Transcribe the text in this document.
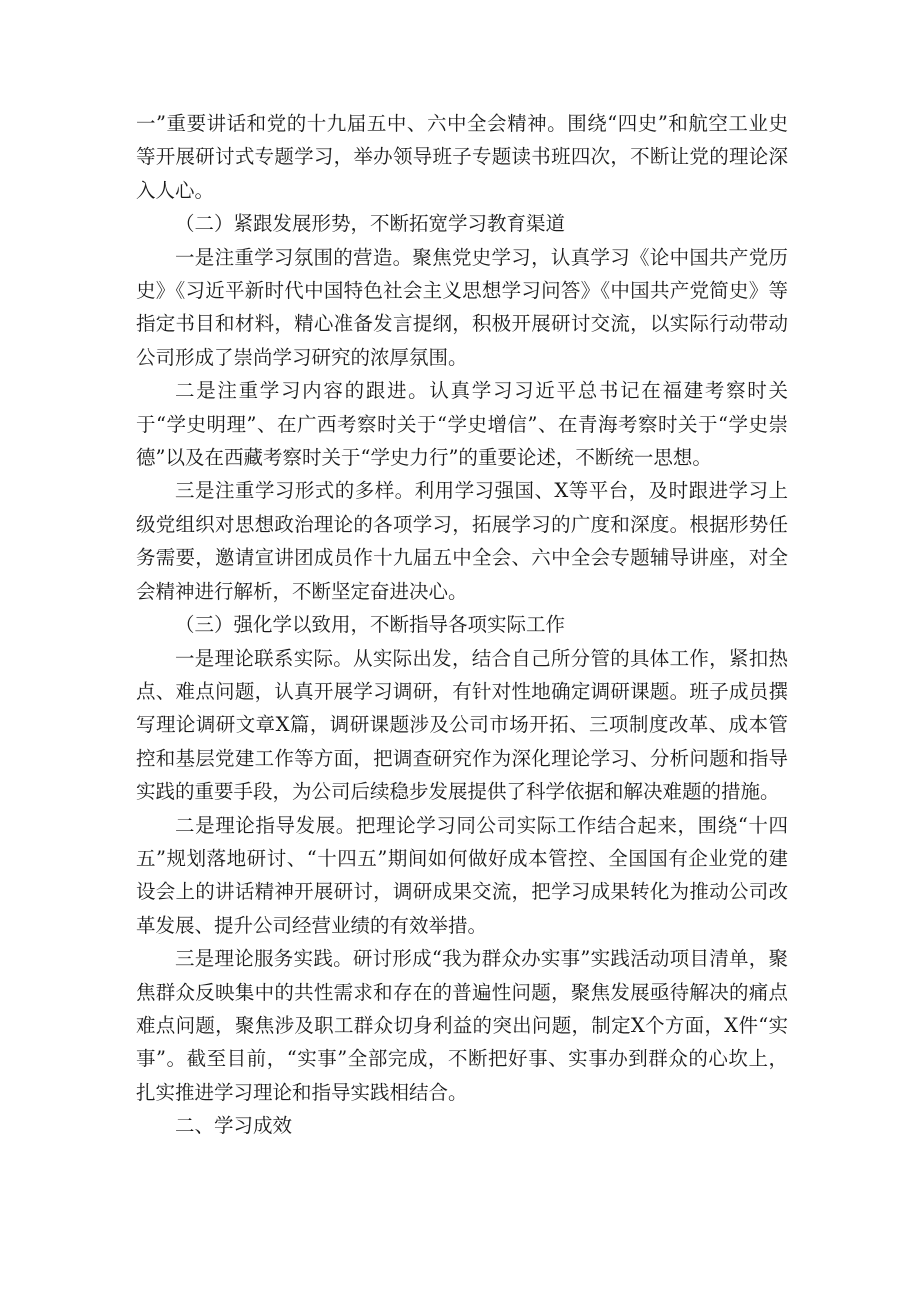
一”重要讲话和党的十九届五中、六中全会精神。围绕“四史”和航空工业史等开展研讨式专题学习，举办领导班子专题读书班四次，不断让党的理论深入人心。

（二）紧跟发展形势，不断拓宽学习教育渠道

一是注重学习氛围的营造。聚焦党史学习，认真学习《论中国共产党历史》《习近平新时代中国特色社会主义思想学习问答》《中国共产党简史》等指定书目和材料，精心准备发言提纲，积极开展研讨交流，以实际行动带动公司形成了崇尚学习研究的浓厚氛围。

二是注重学习内容的跟进。认真学习习近平总书记在福建考察时关于“学史明理”、在广西考察时关于“学史增信”、在青海考察时关于“学史崇德”以及在西藏考察时关于“学史力行”的重要论述，不断统一思想。

三是注重学习形式的多样。利用学习强国、X等平台，及时跟进学习上级党组织对思想政治理论的各项学习，拓展学习的广度和深度。根据形势任务需要，邀请宣讲团成员作十九届五中全会、六中全会专题辅导讲座，对全会精神进行解析，不断坚定奋进决心。

（三）强化学以致用，不断指导各项实际工作

一是理论联系实际。从实际出发，结合自己所分管的具体工作，紧扣热点、难点问题，认真开展学习调研，有针对性地确定调研课题。班子成员撰写理论调研文章X篇，调研课题涉及公司市场开拓、三项制度改革、成本管控和基层党建工作等方面，把调查研究作为深化理论学习、分析问题和指导实践的重要手段，为公司后续稳步发展提供了科学依据和解决难题的措施。

二是理论指导发展。把理论学习同公司实际工作结合起来，围绕“十四五”规划落地研讨、“十四五”期间如何做好成本管控、全国国有企业党的建设会上的讲话精神开展研讨，调研成果交流，把学习成果转化为推动公司改革发展、提升公司经营业绩的有效举措。

三是理论服务实践。研讨形成“我为群众办实事”实践活动项目清单，聚焦群众反映集中的共性需求和存在的普遍性问题，聚焦发展亟待解决的痛点难点问题，聚焦涉及职工群众切身利益的突出问题，制定X个方面，X件“实事”。截至目前，“实事”全部完成，不断把好事、实事办到群众的心坎上，扎实推进学习理论和指导实践相结合。

二、学习成效
